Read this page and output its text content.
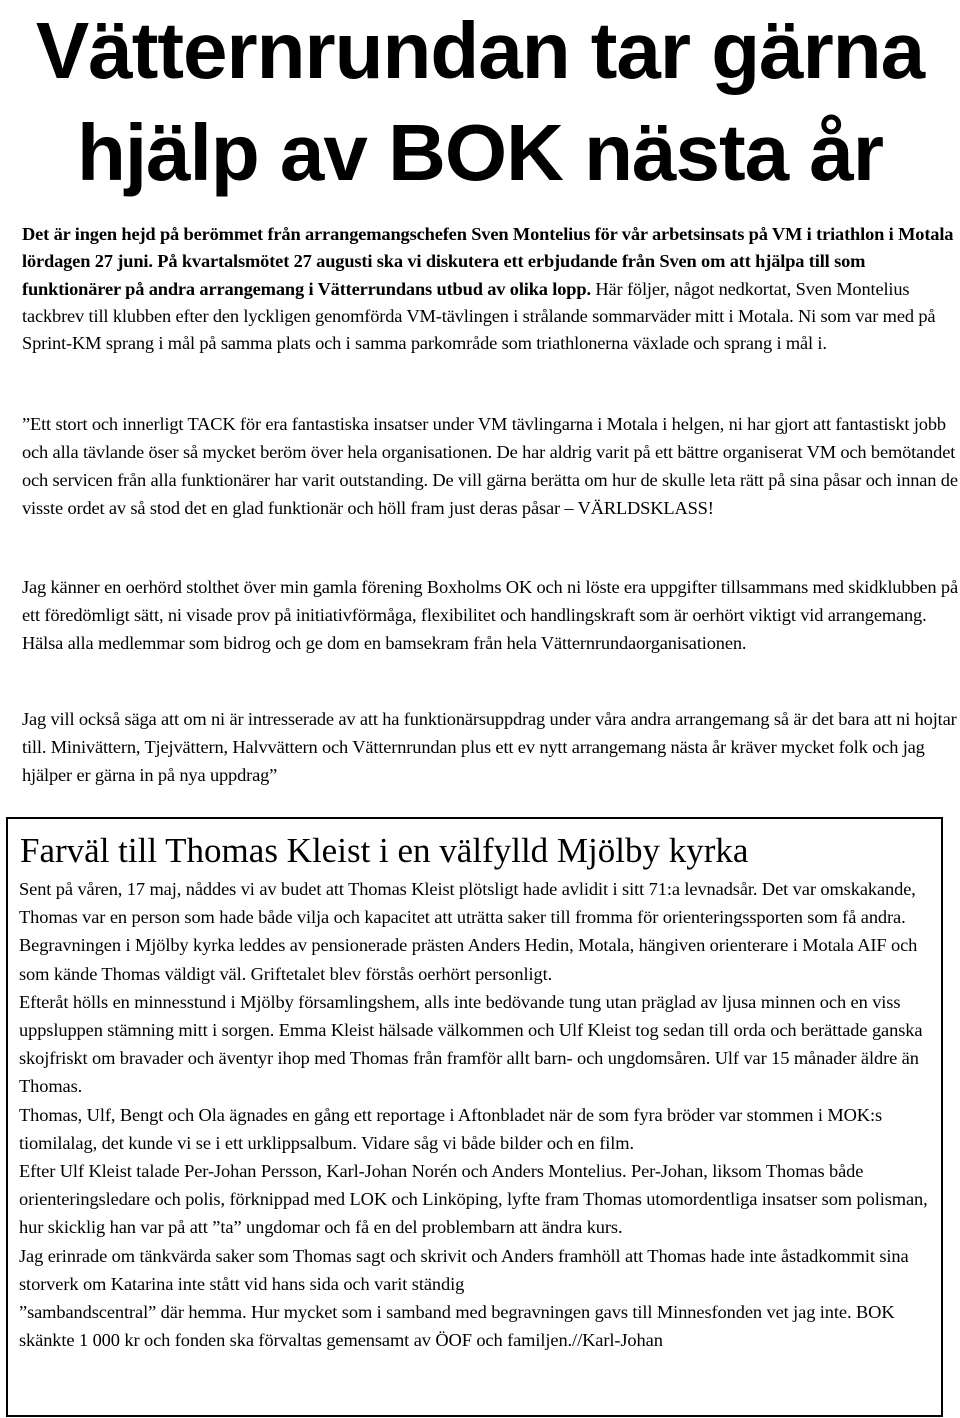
Vätternrundan tar gärna
hjälp av BOK nästa år

Det är ingen hejd på berömmet från arrangemangschefen Sven Montelius för vår arbetsinsats på VM i triathlon i Motala lördagen 27 juni. På kvartalsmötet 27 augusti ska vi diskutera ett erbjudande från Sven om att hjälpa till som funktionärer på andra arrangemang i Vätterrundans utbud av olika lopp. Här följer, något nedkortat, Sven Montelius tackbrev till klubben efter den lyckligen genomförda VM-tävlingen i strålande sommarväder mitt i Motala. Ni som var med på Sprint-KM sprang i mål på samma plats och i samma parkområde som triathlonerna växlade och sprang i mål i.

”Ett stort och innerligt TACK för era fantastiska insatser under VM tävlingarna i Motala i helgen, ni har gjort att fantastiskt jobb och alla tävlande öser så mycket beröm över hela organisationen. De har aldrig varit på ett bättre organiserat VM och bemötandet och servicen från alla funktionärer har varit outstanding. De vill gärna berätta om hur de skulle leta rätt på sina påsar och innan de visste ordet av så stod det en glad funktionär och höll fram just deras påsar – VÄRLDSKLASS!

Jag känner en oerhörd stolthet över min gamla förening Boxholms OK och ni löste era uppgifter tillsammans med skidklubben på ett föredömligt sätt, ni visade prov på initiativförmåga, flexibilitet och handlingskraft som är oerhört viktigt vid arrangemang. Hälsa alla medlemmar som bidrog och ge dom en bamsekram från hela Vätternrundaorganisationen.

Jag vill också säga att om ni är intresserade av att ha funktionärsuppdrag under våra andra arrangemang så är det bara att ni hojtar till. Minivättern, Tjejvättern, Halvvättern och Vätternrundan plus ett ev nytt arrangemang nästa år kräver mycket folk och jag hjälper er gärna in på nya uppdrag”

Farväl till Thomas Kleist i en välfylld Mjölby kyrka

Sent på våren, 17 maj, nåddes vi av budet att Thomas Kleist plötsligt hade avlidit i sitt 71:a levnadsår. Det var omskakande, Thomas var en person som hade både vilja och kapacitet att uträtta saker till fromma för orienteringssporten som få andra. Begravningen i Mjölby kyrka leddes av pensionerade prästen Anders Hedin, Motala, hängiven orienterare i Motala AIF och som kände Thomas väldigt väl. Griftetalet blev förstås oerhört personligt.

Efteråt hölls en minnesstund i Mjölby församlingshem, alls inte bedövande tung utan präglad av ljusa minnen och en viss uppsluppen stämning mitt i sorgen. Emma Kleist hälsade välkommen och Ulf Kleist tog sedan till orda och berättade ganska skojfriskt om bravader och äventyr ihop med Thomas från framför allt barn- och ungdomsåren. Ulf var 15 månader äldre än Thomas.

Thomas, Ulf, Bengt och Ola ägnades en gång ett reportage i Aftonbladet när de som fyra bröder var stommen i MOK:s tiomilalag, det kunde vi se i ett urklippsalbum. Vidare såg vi både bilder och en film.

Efter Ulf Kleist talade Per-Johan Persson, Karl-Johan Norén och Anders Montelius. Per-Johan, liksom Thomas både orienteringsledare och polis, förknippad med LOK och Linköping, lyfte fram Thomas utomordentliga insatser som polisman, hur skicklig han var på att ”ta” ungdomar och få en del problembarn att ändra kurs.

Jag erinrade om tänkvärda saker som Thomas sagt och skrivit och Anders framhöll att Thomas hade inte åstadkommit sina storverk om Katarina inte stått vid hans sida och varit ständig
”sambandscentral” där hemma. Hur mycket som i samband med begravningen gavs till Minnesfonden vet jag inte. BOK skänkte 1 000 kr och fonden ska förvaltas gemensamt av ÖOF och familjen.//Karl-Johan
